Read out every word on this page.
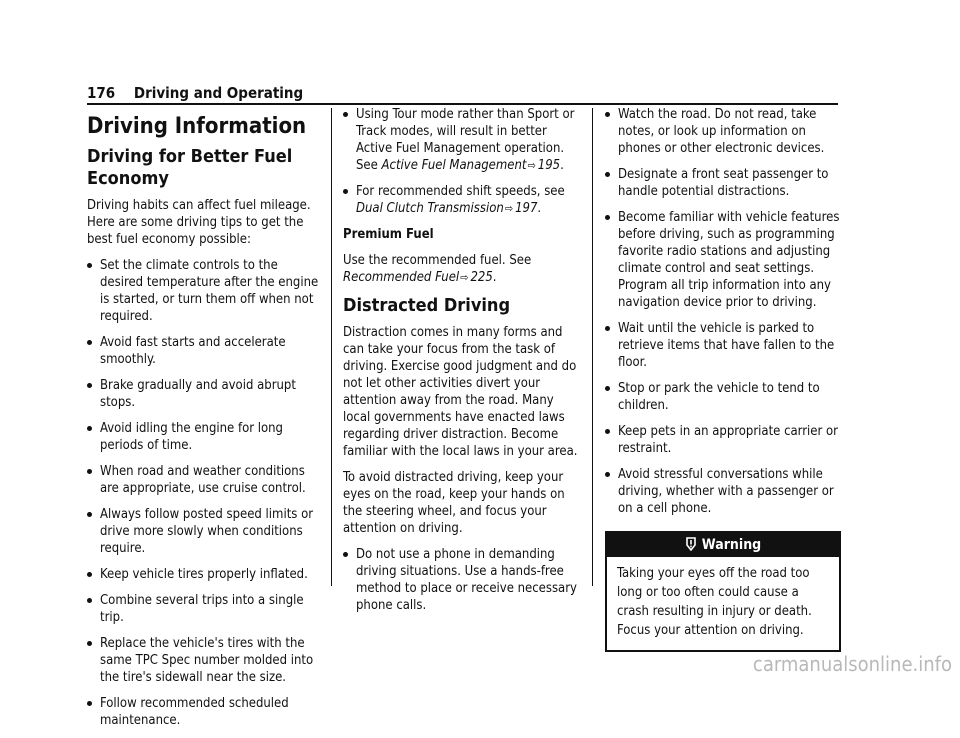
176 Driving and Operating
Driving Information
Driving for Better Fuel Economy

Driving habits can affect fuel mileage. Here are some driving tips to get the best fuel economy possible:

Set the climate controls to the desired temperature after the engine is started, or turn them off when not required.
Avoid fast starts and accelerate smoothly.
Brake gradually and avoid abrupt stops.
Avoid idling the engine for long periods of time.
When road and weather conditions are appropriate, use cruise control.
Always follow posted speed limits or drive more slowly when conditions require.
Keep vehicle tires properly inflated.
Combine several trips into a single trip.
Replace the vehicle's tires with the same TPC Spec number molded into the tire's sidewall near the size.
Follow recommended scheduled maintenance.
Using Tour mode rather than Sport or Track modes, will result in better Active Fuel Management operation. See Active Fuel Management⇨ 195.
For recommended shift speeds, see Dual Clutch Transmission⇨ 197.
Premium Fuel

Use the recommended fuel. See Recommended Fuel⇨ 225.

Distracted Driving

Distraction comes in many forms and can take your focus from the task of driving. Exercise good judgment and do not let other activities divert your attention away from the road. Many local governments have enacted laws regarding driver distraction. Become familiar with the local laws in your area.

To avoid distracted driving, keep your eyes on the road, keep your hands on the steering wheel, and focus your attention on driving.

Do not use a phone in demanding driving situations. Use a hands-free method to place or receive necessary phone calls.
Watch the road. Do not read, take notes, or look up information on phones or other electronic devices.
Designate a front seat passenger to handle potential distractions.
Become familiar with vehicle features before driving, such as programming favorite radio stations and adjusting climate control and seat settings. Program all trip information into any navigation device prior to driving.
Wait until the vehicle is parked to retrieve items that have fallen to the floor.
Stop or park the vehicle to tend to children.
Keep pets in an appropriate carrier or restraint.
Avoid stressful conversations while driving, whether with a passenger or on a cell phone.
Warning
Taking your eyes off the road too long or too often could cause a crash resulting in injury or death. Focus your attention on driving.
carmanualsonline.info
